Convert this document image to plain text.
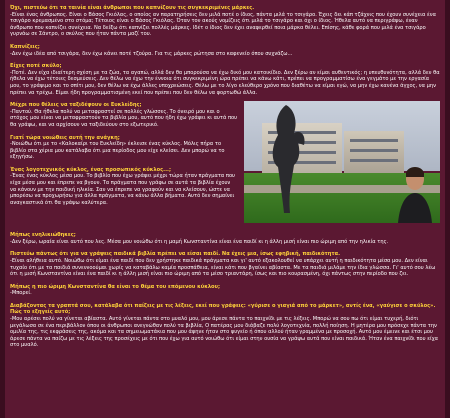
Όχι, πιστεύω ότι τα ταινία είναι άνθρωποι που καπνίζουν τις συγκεκριμένες μάρκες.

-Είναι ένας άνθρωπος. Είναι ο Βάσος Γκιόλας, ο οποίος αν παρατηρήσεις δεν μιλά ποτέ ο ίδιος, πάντα μιλά το τσιγάρο. Έχεις δει κάπ τζάχνις που έχουν συνέχεια ένα τσιγάρο κρεμασμένο στο στόμα; Τέτοιος είναι ο Βάσος Γκιόλας. Όταν τον ακούς νομίζεις ότι μιλά το τσιγάρο και όχι ο ίδιος. Ήθελα αυτό να περιγράψω, έναν άνθρωπο που καπνίζει συνέχεια. Να δείξω ότι καπνίζει πολλές μάρκες. Ιδέτ ο ίδιος δεν έχει αναφερθεί ποια μάρκα θέλει. Επίσης, κάθε φορά που μιλά ένα τσιγάρο γυρνάω σε Σάντρο, ο σκύλος που ήταν πάντα μαζί του.

Καπνίζεις;

-Δεν έχω ιδέα από τσιγάρα, δεν έχω κάνει ποτέ τζούρα. Για τις μάρκες ρώτησα στο καφενείο όπου συχνάζω...

Είχες ποτέ σκύλο;

-Ποτέ. Δεν είχα ιδιαίτερη σχέση με τα ζώα, τα αγαπώ, αλλά δεν θα μπορούσα να έχω δικό μου κατοικίδιο. Δεν ξέρω αν είμαι αυθεντικός; η υπευθυνότητα, αλλά δεν θα ήθελα να έχω τέτοιες δεσμεύσεις. Δεν θέλω να έχω την έννοια ότι συγκεκριμένη ώρα πρέπει να κάνω κάτι, πρέπει να προγραμματίσω ένα γεγμάτο με την εργασία μου, το γράψιμο και το σπίτι μου, δεν θέλω να έχω άλλες υποχρεώσεις. Θέλω με το λίγο ελεύθερο χρόνο που διαθέτω να είμαι εγώ, να μην έχω κανένα άγχος, να μην πρέπει να τρέχω. Είμαι ήδη προγραμματισμένη εκεί που πρέπει που δεν θέλω να φορτωθώ άλλα.

Μέχρι που θέλεις να ταξιδέψουν οι Ευκλείδης;

-Παντού. Θα ήθελα πολύ να μεταφραστεί σε πολλές γλώσσες. Το όνειρό μου και ο στόχος μου είναι να μεταφραστούν τα βιβλία μου, αυτό που ήδη έχω γράψει κι αυτά που θα γράψω, και να αρχίσουν να ταξιδεύουν στο εξωτερικό.

Γιατί τώρα νοιώθεις αυτή την ανάγκη;

-Νοιώθω ότι με το «Καλοκαίρι του Ευκλείδη» έκλεισε ένας κύκλος. Μόλις πήρα το βιβλίο στα χέρια μου κατάλαβα ότι μια περίοδος μου είχε κλείσει. Δεν μπορώ να το εξηγήσω.

Ένας λογοτεχνικός κύκλος, ένας προσωπικός κύκλος...;

-Ένας ένας κύκλος μέσα μου. Το βιβλίο που έχω γράψει μέχρι τώρα ήταν πράγματα που είχα μέσα μου και έπρεπε να βγουν. Τα πράγματα που γράφω σε αυτά τα βιβλία έχουν να κάνουν με την παιδική ηλικία. Σαν να έπρεπε να γραφούν και να κλείσουν, ώστε να μπορέσω να προχωρήσω για άλλα πράγματα, να κάνω άλλα βήματα. Αυτό δεν σημαίνει αναγκαστικά ότι θα γράψω καλύτερα.

Μήπως ενηλικιώθηκες;

-Δεν ξέρω, ωραία είναι αυτό που λες. Μέσα μου νοιώθω ότι η μαμή Κωνσταντίνα είναι ένα παιδί κι η άλλη μισή είναι πιο ώριμη από την ηλικία της.

Πιστεύω πάντως ότι για να γράψεις παιδικά βιβλία πρέπει να είσαι παιδί. Να έχεις μια, ίσως εφηβική, παιδικότητα.

-Είναι αλήθεια αυτό. Νοιώθω ότι είμαι ένα παιδί που δεν χρήστηκε παιδικά πράγματα και γι' αυτό εξακολουθεί να υπάρχει αυτή η παιδικότητα μέσα μου. Δεν είναι τυχαίο ότι με τα παιδιά συνεννοούμαι χωρίς να καταβάλω καμία προσπάθεια, είναι κάτι που βγαίνει αβίαστα. Με τα παιδιά μιλάμε την ίδια γλώσσα. Γι' αυτό σου λέω ότι η μισή Κωνσταντίνα είναι ένα παιδί κι η άλλη μισή είναι πιο ώριμη από τα μέσο τριαντάρη, ίσως και πιο κουρασμένη, όχι πάντως στην περίοδο που ζει.

Μήπως η πιο ώριμη Κωνσταντίνα θα είναι το θέμα του επόμενου κύκλου;

-Μπορεί.

Διαβάζοντας τα γραπτά σου, κατάλαβα ότι παίζεις με τις λέξεις, εκεί που γράφεις: «γύρισε ο γιαγιά από το μάρκετ», αντίς ένα, «γαύγισε ο σκύλος». Πώς το εξηγείς αυτό;

-Μου αρέσει πολύ να γίνεται αβίαστα. Αυτό γίνεται πάντα στο μυαλό μου, μου άρεσε πάντα το παιχνίδι με τις λέξεις. Μπορώ να σου πω ότι είμαι τυχερή, διότι μεγάλωσα σε ένα περιβάλλον όπου οι άνθρωποι ανεγνώθαν πολύ τα βιβλία, Ο πατέρας μου διάβαζε πολύ λογοτεχνία, πολλή ποίηση. Η μητέρα μου πρόσεχε πάντα την ομιλία της, τις εκφράσεις της, ακόμα και τα σημειωματάκια που μου άφηνε ήταν στο ψυγείο ή όπου αλλού ήταν γραμμένα με προσοχή. Αυτό μου έμεινε και έτσι μου άρεσε πάντα να παίζω με τις λέξεις της προσέχεις με ότι που έχω για αυτό νοιώθω ότι είμαι στην ουσία να γράψω αυτά που είναι παιδικά. Ήταν ένα παιχνίδι που είχα στο μυαλό.
